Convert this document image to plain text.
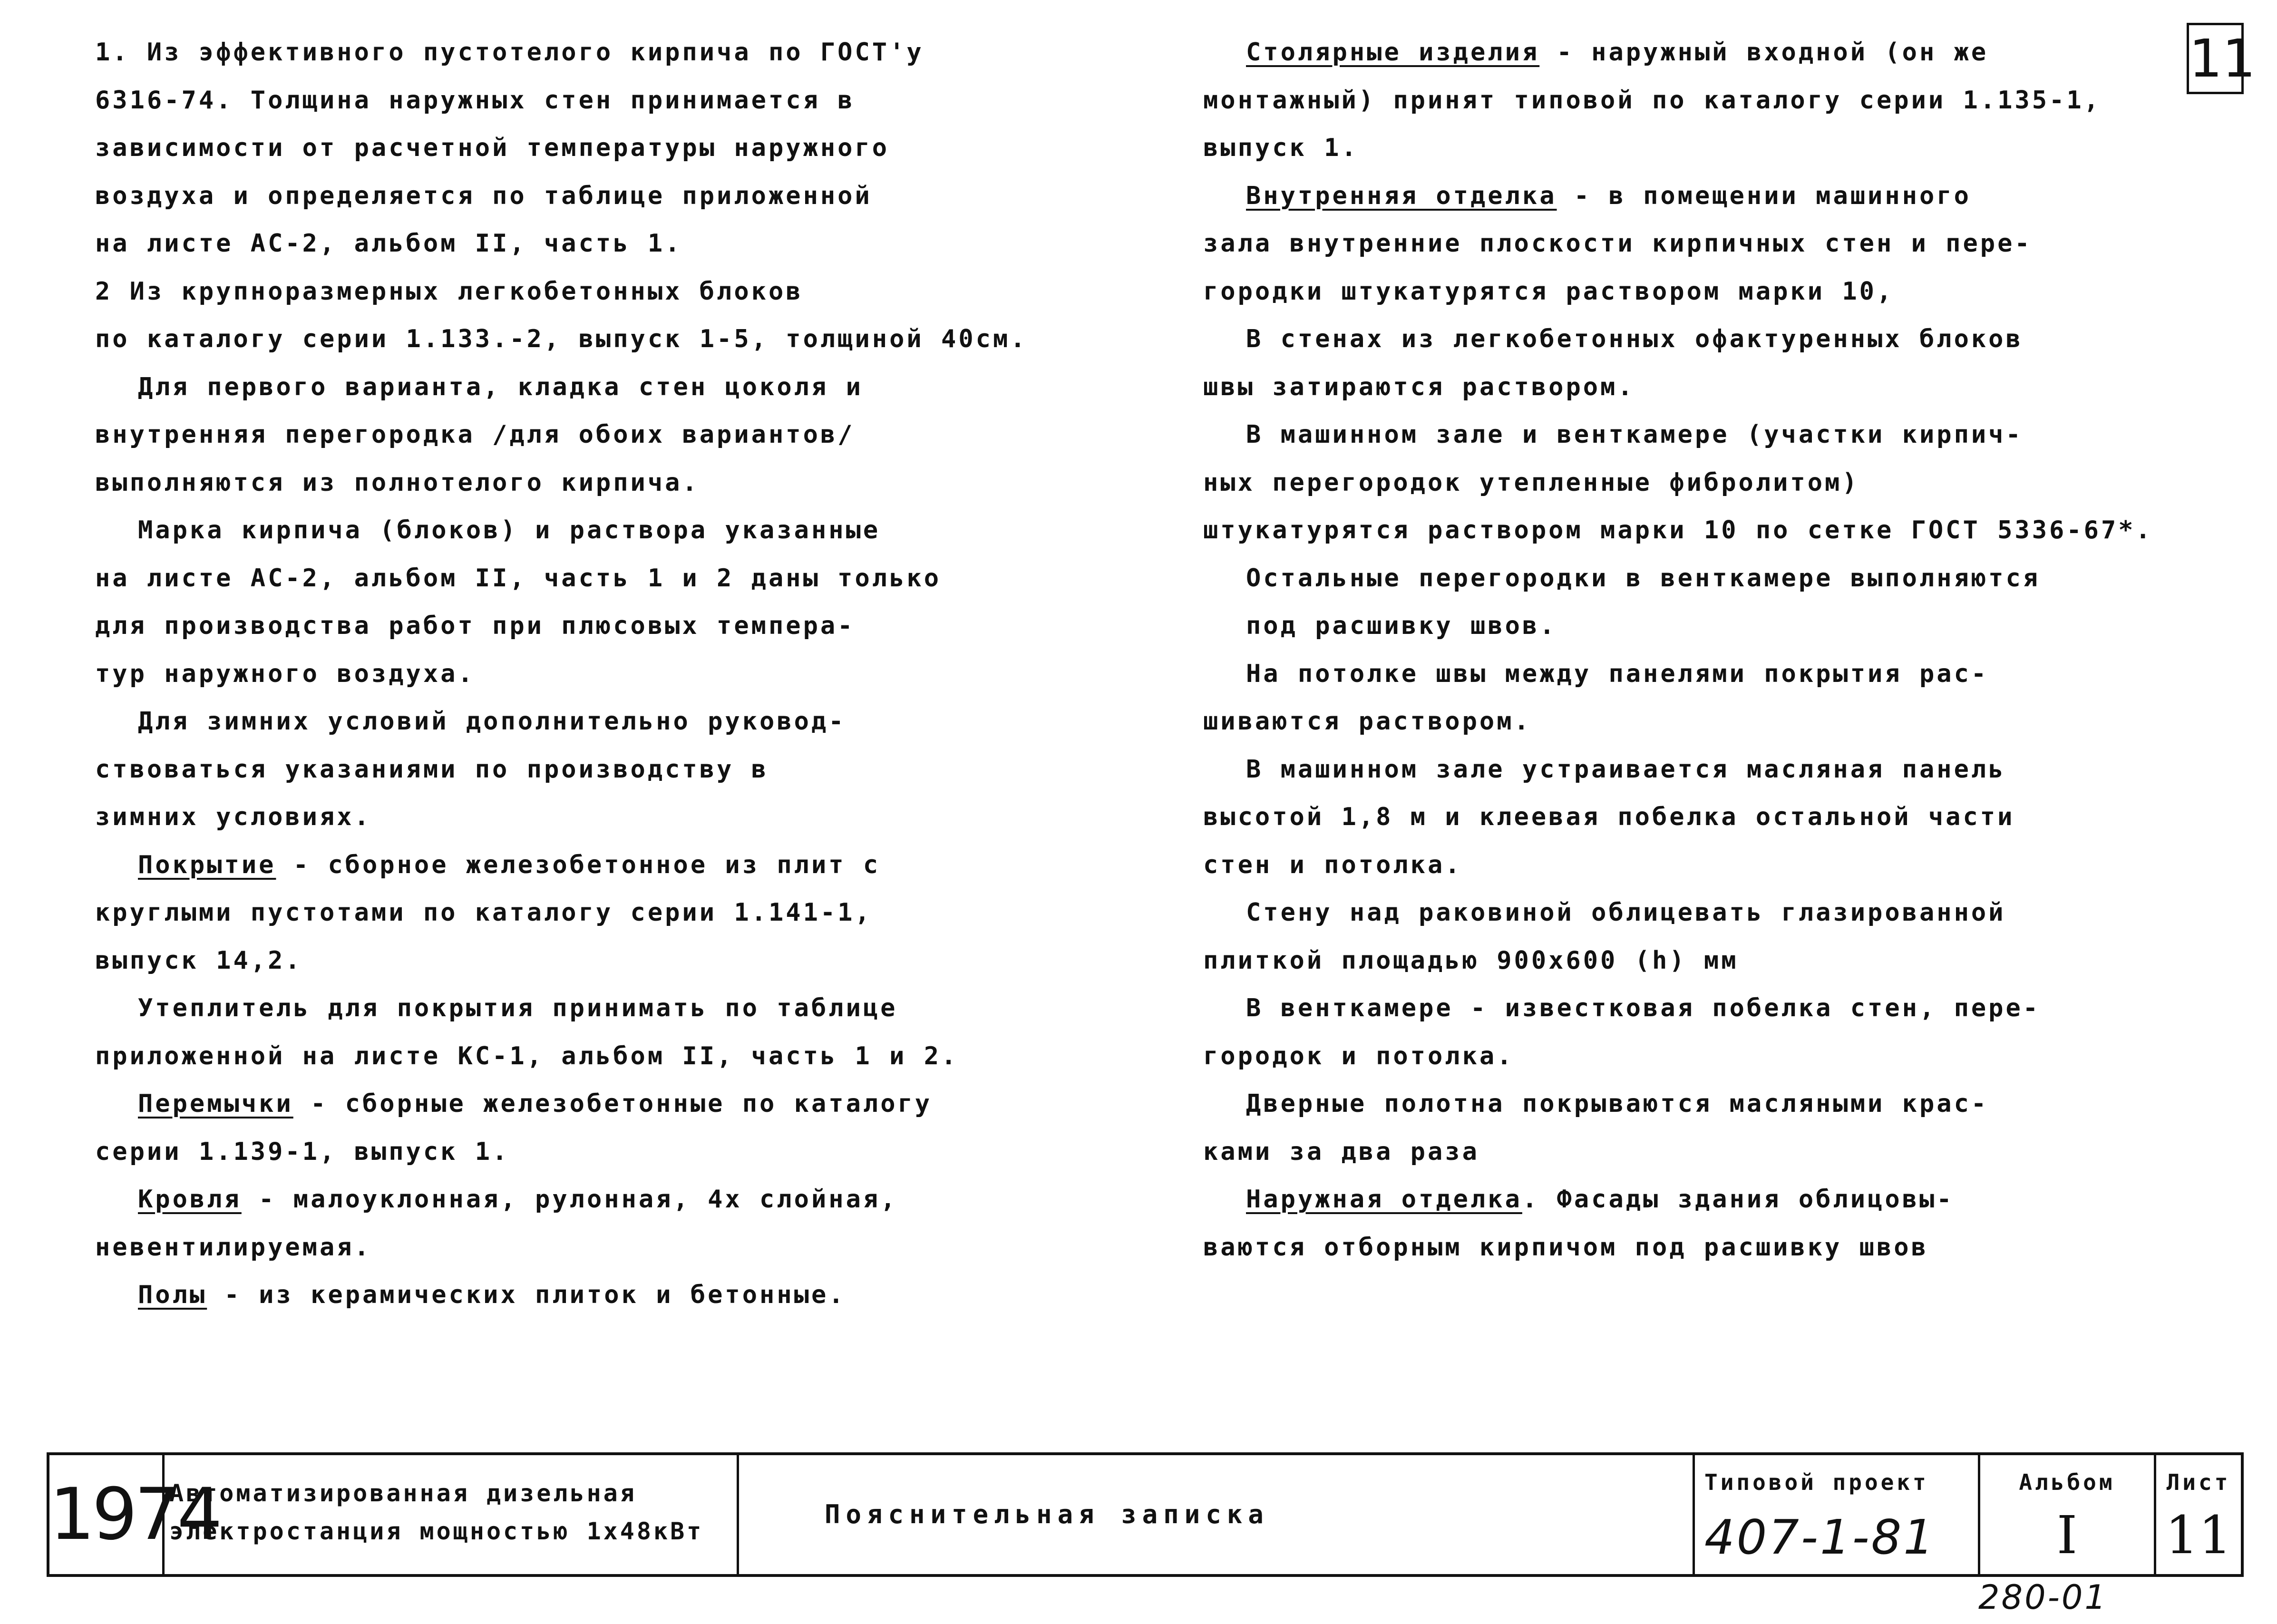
1. Из эффективного пустотелого кирпича по ГОСТ'у
6316-74. Толщина наружных стен принимается в
зависимости от расчетной температуры наружного
воздуха и определяется по таблице приложенной
на листе АС-2, альбом II, часть 1.
2 Из крупноразмерных легкобетонных блоков
по каталогу серии 1.133.-2, выпуск 1-5, толщиной 40см.
Для первого варианта, кладка стен цоколя и
внутренняя перегородка /для обоих вариантов/
выполняются из полнотелого кирпича.
Марка кирпича (блоков) и раствора указанные
на листе АС-2, альбом II, часть 1 и 2 даны только
для производства работ при плюсовых темпера-
тур наружного воздуха.
Для зимних условий дополнительно руковод-
ствоваться указаниями по производству в
зимних условиях.
Покрытие - сборное железобетонное из плит с
круглыми пустотами по каталогу серии 1.141-1,
выпуск 14,2.
Утеплитель для покрытия принимать по таблице
приложенной на листе КС-1, альбом II, часть 1 и 2.
Перемычки - сборные железобетонные по каталогу
серии 1.139-1, выпуск 1.
Кровля - малоуклонная, рулонная, 4х слойная,
невентилируемая.
Полы - из керамических плиток и бетонные.
Столярные изделия - наружный входной (он же
монтажный) принят типовой по каталогу серии 1.135-1,
выпуск 1.
Внутренняя отделка - в помещении машинного
зала внутренние плоскости кирпичных стен и пере-
городки штукатурятся раствором марки 10,
В стенах из легкобетонных офактуренных блоков
швы затираются раствором.
В машинном зале и венткамере (участки кирпич-
ных перегородок утепленные фибролитом)
штукатурятся раствором марки 10 по сетке ГОСТ 5336-67*.
Остальные перегородки в венткамере выполняются
под расшивку швов.
На потолке швы между панелями покрытия рас-
шиваются раствором.
В машинном зале устраивается масляная панель
высотой 1,8 м и клеевая побелка остальной части
стен и потолка.
Стену над раковиной облицевать глазированной
плиткой площадью 900х600 (h) мм
В венткамере - известковая побелка стен, пере-
городок и потолка.
Дверные полотна покрываются масляными крас-
ками за два раза
Наружная отделка. Фасады здания облицовы-
ваются отборным кирпичом под расшивку швов
11
1974
Автоматизированная дизельная
электростанция мощностью 1х48кВт
Пояснительная записка
Типовой проект
407-1-81
Альбом
I
Лист
11
280-01
